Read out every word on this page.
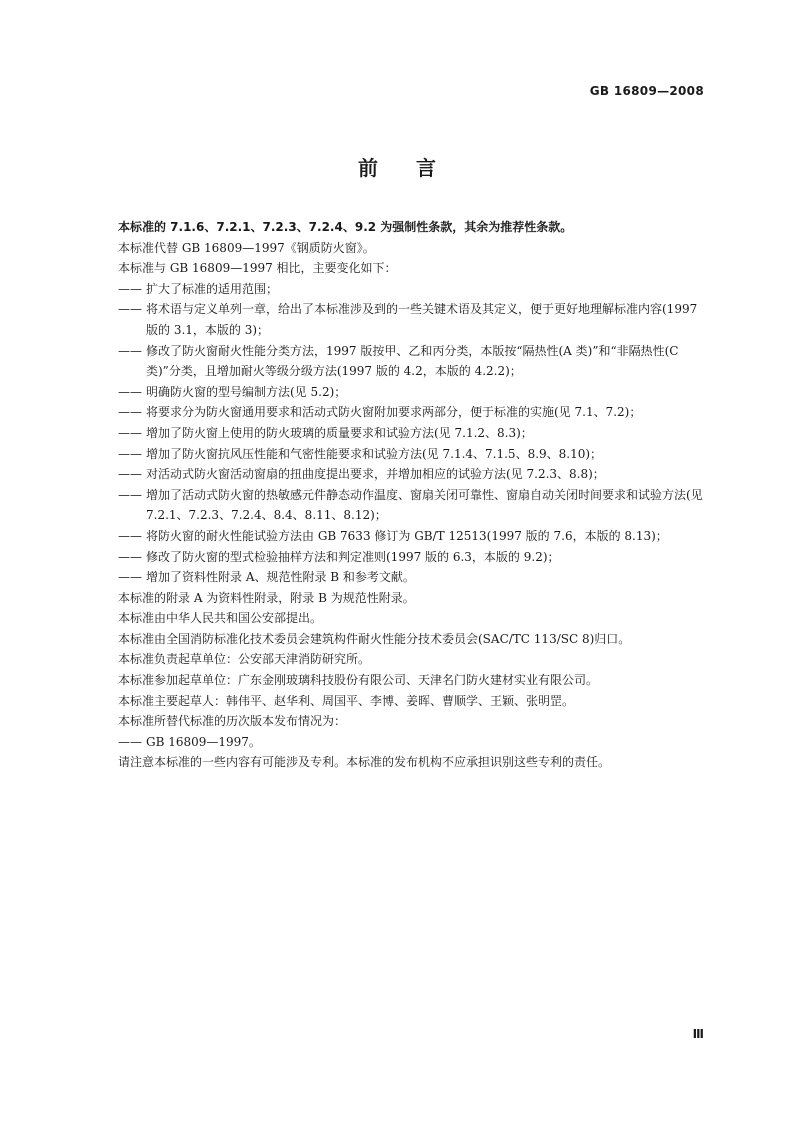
GB 16809—2008
前言

本标准的 7.1.6、7.2.1、7.2.3、7.2.4、9.2 为强制性条款，其余为推荐性条款。

本标准代替 GB 16809—1997《钢质防火窗》。

本标准与 GB 16809—1997 相比，主要变化如下：

—— 扩大了标准的适用范围；
—— 将术语与定义单列一章，给出了本标准涉及到的一些关键术语及其定义，便于更好地理解标准内容(1997 版的 3.1，本版的 3)；
—— 修改了防火窗耐火性能分类方法，1997 版按甲、乙和丙分类，本版按“隔热性(A 类)”和“非隔热性(C 类)”分类，且增加耐火等级分级方法(1997 版的 4.2，本版的 4.2.2)；
—— 明确防火窗的型号编制方法(见 5.2)；
—— 将要求分为防火窗通用要求和活动式防火窗附加要求两部分，便于标准的实施(见 7.1、7.2)；
—— 增加了防火窗上使用的防火玻璃的质量要求和试验方法(见 7.1.2、8.3)；
—— 增加了防火窗抗风压性能和气密性能要求和试验方法(见 7.1.4、7.1.5、8.9、8.10)；
—— 对活动式防火窗活动窗扇的扭曲度提出要求，并增加相应的试验方法(见 7.2.3、8.8)；
—— 增加了活动式防火窗的热敏感元件静态动作温度、窗扇关闭可靠性、窗扇自动关闭时间要求和试验方法(见 7.2.1、7.2.3、7.2.4、8.4、8.11、8.12)；
—— 将防火窗的耐火性能试验方法由 GB 7633 修订为 GB/T 12513(1997 版的 7.6，本版的 8.13)；
—— 修改了防火窗的型式检验抽样方法和判定准则(1997 版的 6.3，本版的 9.2)；
—— 增加了资料性附录 A、规范性附录 B 和参考文献。

本标准的附录 A 为资料性附录，附录 B 为规范性附录。

本标准由中华人民共和国公安部提出。

本标准由全国消防标准化技术委员会建筑构件耐火性能分技术委员会(SAC/TC 113/SC 8)归口。

本标准负责起草单位：公安部天津消防研究所。

本标准参加起草单位：广东金刚玻璃科技股份有限公司、天津名门防火建材实业有限公司。

本标准主要起草人：韩伟平、赵华利、周国平、李博、姜晖、曹顺学、王颖、张明罡。

本标准所替代标准的历次版本发布情况为：

—— GB 16809—1997。

请注意本标准的一些内容有可能涉及专利。本标准的发布机构不应承担识别这些专利的责任。

Ⅲ
